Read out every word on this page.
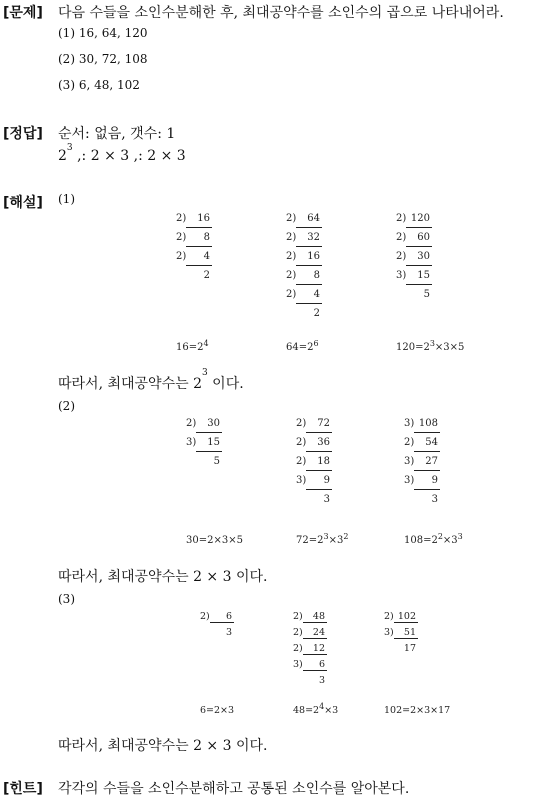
[문제] 다음 수들을 소인수분해한 후, 최대공약수를 소인수의 곱으로 나타내어라.
(1) 16, 64, 120
(2) 30, 72, 108
(3) 6, 48, 102
[정답] 순서: 없음, 갯수: 1
$2^3$ ,: 2 × 3 ,: 2 × 3
[해설] (1)
2)	16
2)	8
2)	4
2
2)	64
2)	32
2)	16
2)	8
2)	4
2
2) 120
2)	60
2)	30
3)	15
5
$16=2^4$	$64=2^6$	$120=2^3\times 3\times 5$
따라서, 최대공약수는 $2^3$ 이다.
(2)
2)	30
3)	15
5
2)	72
2)	36
2)	18
3)	9
3
3) 108
2)	54
3)	27
3)	9
3
30=2×3×5	$72=2^3\times 3^2$	$108=2^2\times 3^3$
따라서, 최대공약수는 2 × 3 이다.
(3)
2)	6
3
2)	48
2)	24
2)	12
3)	6
3
2) 102
3)	51
17
6=2×3	$48=2^4\times 3$	102=2×3×17
따라서, 최대공약수는 2 × 3 이다.
[힌트] 각각의 수들을 소인수분해하고 공통된 소인수를 알아본다.
